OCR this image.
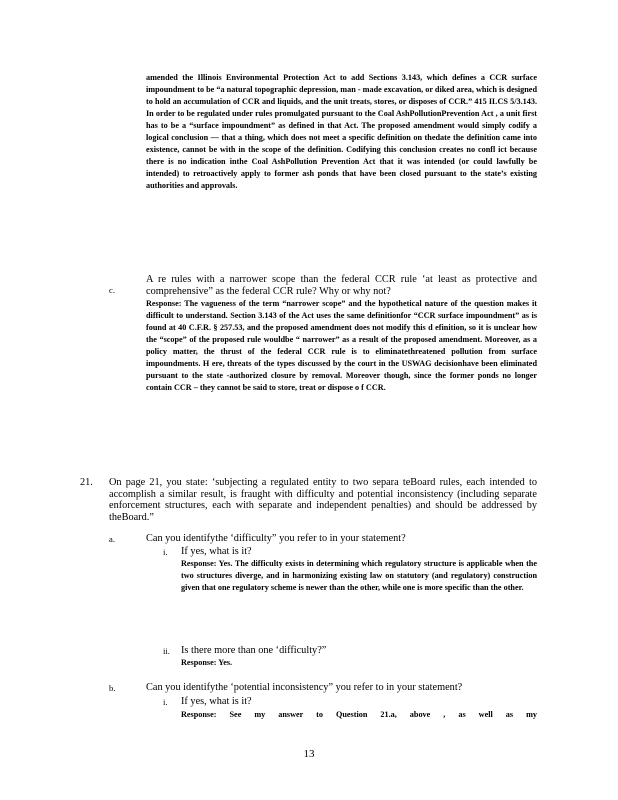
amended the Illinois Environmental Protection Act to add Sections 3.143, which defines a CCR surface impoundment to be “a natural topographic depression, man - made excavation, or diked area, which is designed to hold an accumulation of CCR and liquids, and the unit treats, stores, or disposes of CCR.” 415 ILCS 5/3.143. In order to be regulated under rules promulgated pursuant to the Coal AshPollutionPrevention Act , a unit first has to be a “surface impoundment” as defined in that Act. The proposed amendment would simply codify a logical conclusion — that a thing, which does not meet a specific definition on thedate the definition came into existence, cannot be with in the scope of the definition. Codifying this conclusion creates no confl ict because there is no indication inthe Coal AshPollution Prevention Act that it was intended (or could lawfully be intended) to retroactively apply to former ash ponds that have been closed pursuant to the state’s existing authorities and approvals.

c.

A re rules with a narrower scope than the federal CCR rule ‘at least as protective and comprehensive” as the federal CCR rule? Why or why not?

Response: The vagueness of the term “narrower scope” and the hypothetical nature of the question makes it difficult to understand. Section 3.143 of the Act uses the same definitionfor “CCR surface impoundment” as is found at 40 C.F.R. § 257.53, and the proposed amendment does not modify this d efinition, so it is unclear how the “scope” of the proposed rule wouldbe “ narrower” as a result of the proposed amendment. Moreover, as a policy matter, the thrust of the federal CCR rule is to eliminatethreatened pollution from surface impoundments. H ere, threats of the types discussed by the court in the USWAG decisionhave been eliminated pursuant to the state -authorized closure by removal. Moreover though, since the former ponds no longer contain CCR – they cannot be said to store, treat or dispose o f CCR.

21. On page 21, you state: ‘subjecting a regulated entity to two separa teBoard rules, each intended to accomplish a similar result, is fraught with difficulty and potential inconsistency (including separate enforcement structures, each with separate and independent penalties) and should be addressed by theBoard.”

a.	Can you identifythe ‘difficulty” you refer to in your statement?

i. If yes, what is it?

Response: Yes. The difficulty exists in determining which regulatory structure is applicable when the two structures diverge, and in harmonizing existing law on statutory (and regulatory) construction given that one regulatory scheme is newer than the other, while one is more specific than the other.

ii. Is there more than one ‘difficulty?”

Response: Yes.

b.	Can you identifythe ‘potential inconsistency” you refer to in your statement?

i. If yes, what is it?

Response: See my answer to Question 21.a, above , as well as my

13
